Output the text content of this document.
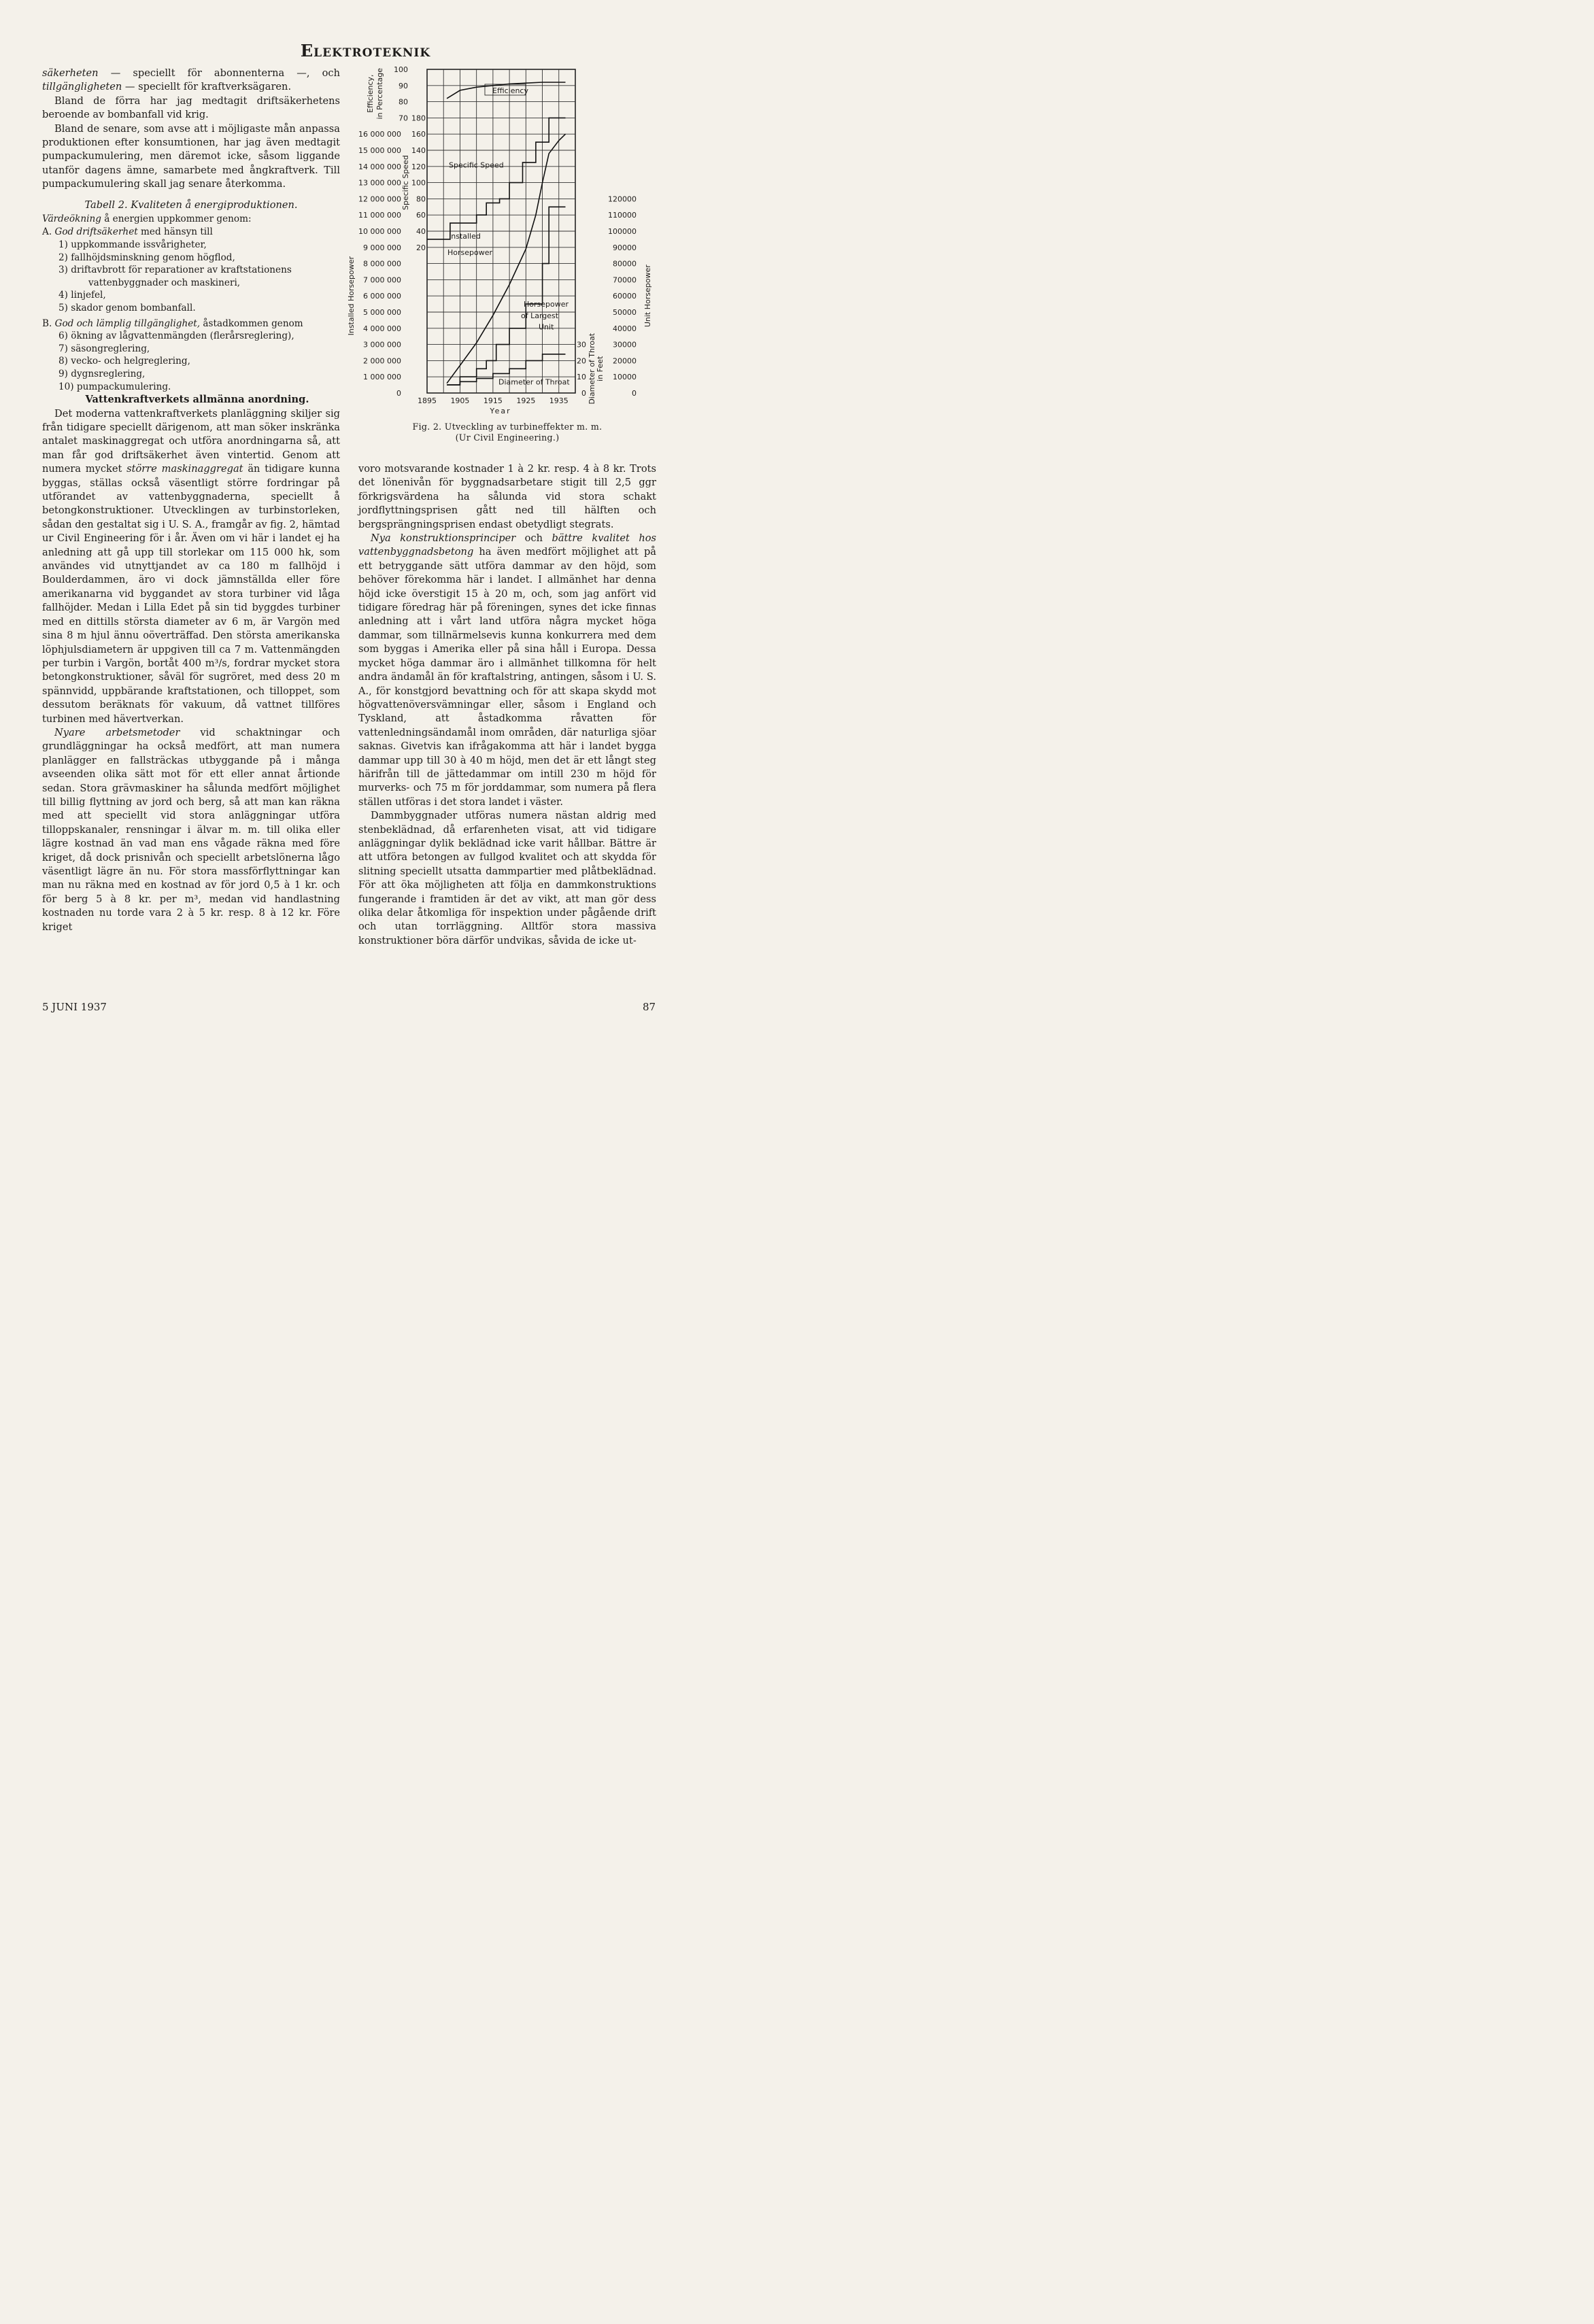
Elektroteknik

säkerheten — speciellt för abonnenterna —, och tillgängligheten — speciellt för kraftverksägaren.

Bland de förra har jag medtagit driftsäkerhetens beroende av bombanfall vid krig.

Bland de senare, som avse att i möjligaste mån anpassa produktionen efter konsumtionen, har jag även medtagit pumpackumulering, men däremot icke, såsom liggande utanför dagens ämne, samarbete med ångkraftverk. Till pumpackumulering skall jag senare återkomma.

Tabell 2. Kvaliteten å energiproduktionen.

Värdeökning å energien uppkommer genom:

A. God driftsäkerhet med hänsyn till
1) uppkommande issvårigheter,
2) fallhöjdsminskning genom högflod,
3) driftavbrott för reparationer av kraftstationens
vattenbyggnader och maskineri,
4) linjefel,
5) skador genom bombanfall.
B. God och lämplig tillgänglighet, åstadkommen genom
6) ökning av lågvattenmängden (flerårsreglering),
7) säsongreglering,
8) vecko- och helgreglering,
9) dygnsreglering,
10) pumpackumulering.

Vattenkraftverkets allmänna anordning.

Det moderna vattenkraftverkets planläggning skiljer sig från tidigare speciellt därigenom, att man söker inskränka antalet maskinaggregat och utföra anordningarna så, att man får god driftsäkerhet även vintertid. Genom att numera mycket större maskinaggregat än tidigare kunna byggas, ställas också väsentligt större fordringar på utförandet av vattenbyggnaderna, speciellt å betongkonstruktioner. Utvecklingen av turbinstorleken, sådan den gestaltat sig i U. S. A., framgår av fig. 2, hämtad ur Civil Engineering för i år. Även om vi här i landet ej ha anledning att gå upp till storlekar om 115 000 hk, som användes vid utnyttjandet av ca 180 m fallhöjd i Boulderdammen, äro vi dock jämnställda eller före amerikanarna vid byggandet av stora turbiner vid låga fallhöjder. Medan i Lilla Edet på sin tid byggdes turbiner med en dittills största diameter av 6 m, är Vargön med sina 8 m hjul ännu oöverträffad. Den största amerikanska löphjulsdiametern är uppgiven till ca 7 m. Vattenmängden per turbin i Vargön, bortåt 400 m³/s, fordrar mycket stora betongkonstruktioner, såväl för sugröret, med dess 20 m spännvidd, uppbärande kraftstationen, och tilloppet, som dessutom beräknats för vakuum, då vattnet tillföres turbinen med hävertverkan.

Nyare arbetsmetoder vid schaktningar och grundläggningar ha också medfört, att man numera planlägger en fallsträckas utbyggande på i många avseenden olika sätt mot för ett eller annat årtionde sedan. Stora grävmaskiner ha sålunda medfört möjlighet till billig flyttning av jord och berg, så att man kan räkna med att speciellt vid stora anläggningar utföra tilloppskanaler, rensningar i älvar m. m. till olika eller lägre kostnad än vad man ens vågade räkna med före kriget, då dock prisnivån och speciellt arbetslönerna lågo väsentligt lägre än nu. För stora massförflyttningar kan man nu räkna med en kostnad av för jord 0,5 à 1 kr. och för berg 5 à 8 kr. per m³, medan vid handlastning kostnaden nu torde vara 2 à 5 kr. resp. 8 à 12 kr. Före kriget

70
80
90
100
20
40
60
80
100
120
140
160
180
0
1 000 000
2 000 000
3 000 000
4 000 000
5 000 000
6 000 000
7 000 000
8 000 000
9 000 000
10 000 000
11 000 000
12 000 000
13 000 000
14 000 000
15 000 000
16 000 000
0
10
20
30
0
10000
20000
30000
40000
50000
60000
70000
80000
90000
100000
110000
120000
1895 1905 1915 1925 1935
Year
Efficiency, in Percentage
Specific Speed
Installed Horsepower
Diameter of Throat in Feet
Unit Horsepower
Efficiency
Specific Speed
Installed
Horsepower
Horsepower
of Largest
Unit
Diameter of Throat
Fig. 2. Utveckling av turbineffekter m. m.
(Ur Civil Engineering.)

voro motsvarande kostnader 1 à 2 kr. resp. 4 à 8 kr. Trots det lönenivån för byggnadsarbetare stigit till 2,5 ggr förkrigsvärdena ha sålunda vid stora schakt jordflyttningsprisen gått ned till hälften och bergsprängningsprisen endast obetydligt stegrats.

Nya konstruktionsprinciper och bättre kvalitet hos vattenbyggnadsbetong ha även medfört möjlighet att på ett betryggande sätt utföra dammar av den höjd, som behöver förekomma här i landet. I allmänhet har denna höjd icke överstigit 15 à 20 m, och, som jag anfört vid tidigare föredrag här på föreningen, synes det icke finnas anledning att i vårt land utföra några mycket höga dammar, som tillnärmelsevis kunna konkurrera med dem som byggas i Amerika eller på sina håll i Europa. Dessa mycket höga dammar äro i allmänhet tillkomna för helt andra ändamål än för kraftalstring, antingen, såsom i U. S. A., för konstgjord bevattning och för att skapa skydd mot högvattenöversvämningar eller, såsom i England och Tyskland, att åstadkomma råvatten för vattenledningsändamål inom områden, där naturliga sjöar saknas. Givetvis kan ifrågakomma att här i landet bygga dammar upp till 30 à 40 m höjd, men det är ett långt steg härifrån till de jättedammar om intill 230 m höjd för murverks- och 75 m för jorddammar, som numera på flera ställen utföras i det stora landet i väster.

Dammbyggnader utföras numera nästan aldrig med stenbeklädnad, då erfarenheten visat, att vid tidigare anläggningar dylik beklädnad icke varit hållbar. Bättre är att utföra betongen av fullgod kvalitet och att skydda för slitning speciellt utsatta dammpartier med plåtbeklädnad. För att öka möjligheten att följa en dammkonstruktions fungerande i framtiden är det av vikt, att man gör dess olika delar åtkomliga för inspektion under pågående drift och utan torrläggning. Alltför stora massiva konstruktioner böra därför undvikas, såvida de icke ut-

5 JUNI 1937	87
